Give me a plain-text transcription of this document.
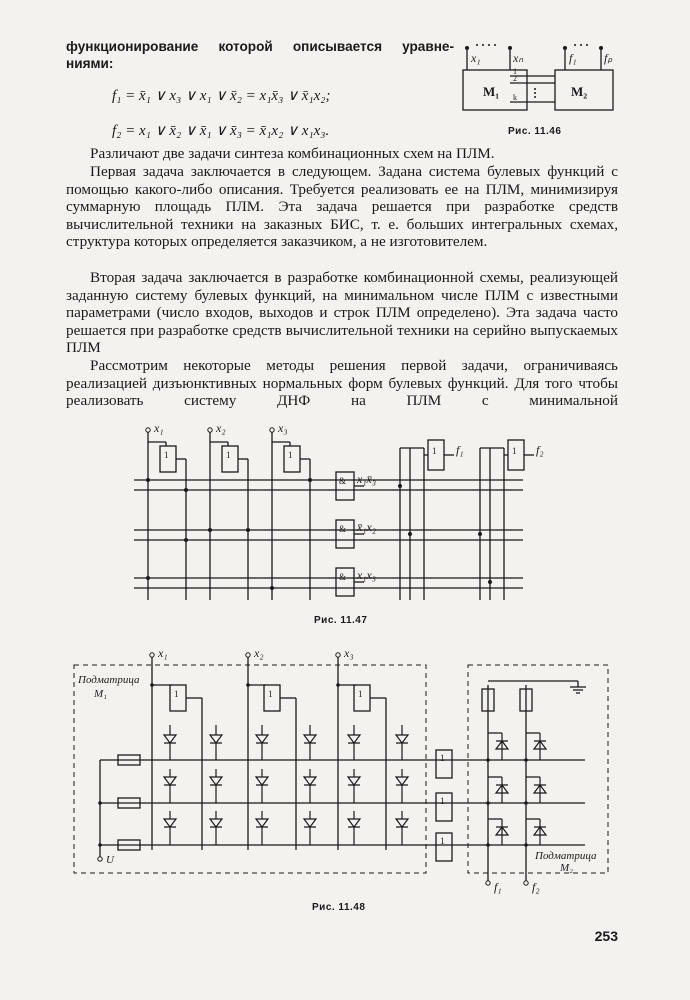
функционирование которой описывается уравне-
ниями:
f₁ = x̄₁ ∨ x₃ ∨ x₁ ∨ x̄₂ = x₁x̄₃ ∨ x̄₁x₂;
f₂ = x₁ ∨ x̄₂ ∨ x̄₁ ∨ x̄₃ = x̄₁x₂ ∨ x₁x₃.
x₁	xₙ	f₁ fₚ
M₁	M₂
1
2
k
Рис. 11.46

Различают две задачи синтеза комбинационных схем на ПЛМ.

Первая задача заключается в следующем. Задана система булевых функций с помощью какого-либо описания. Требуется реализовать ее на ПЛМ, минимизируя суммарную площадь ПЛМ. Эта задача решается при разработке средств вычислительной техники на заказных БИС, т. е. больших интегральных схемах, структура которых определяется заказчиком, а не изготовителем.

Вторая задача заключается в разработке комбинационной схемы, реализующей заданную систему булевых функций, на минимальном числе ПЛМ с известными параметрами (число входов, выходов и строк ПЛМ определено). Эта задача часто решается при разработке средств вычислительной техники на серийно выпускаемых ПЛМ

Рассмотрим некоторые методы решения первой задачи, ограничиваясь реализацией дизъюнктивных нормальных форм булевых функций. Для того чтобы реализовать систему ДНФ на ПЛМ с минимальной

x₁	x₂	x₃
1	1	1
&
&
&
1	1
x₁x̄₃
x̄₁x₂
x₁x₃
f₁	f₂
Рис. 11.47
x₁	x₂	x₃
Подматрица
M₁
Подматрица
M₂
U
f₁	f₂
1	1	1
1
1
1
Рис. 11.48
253
